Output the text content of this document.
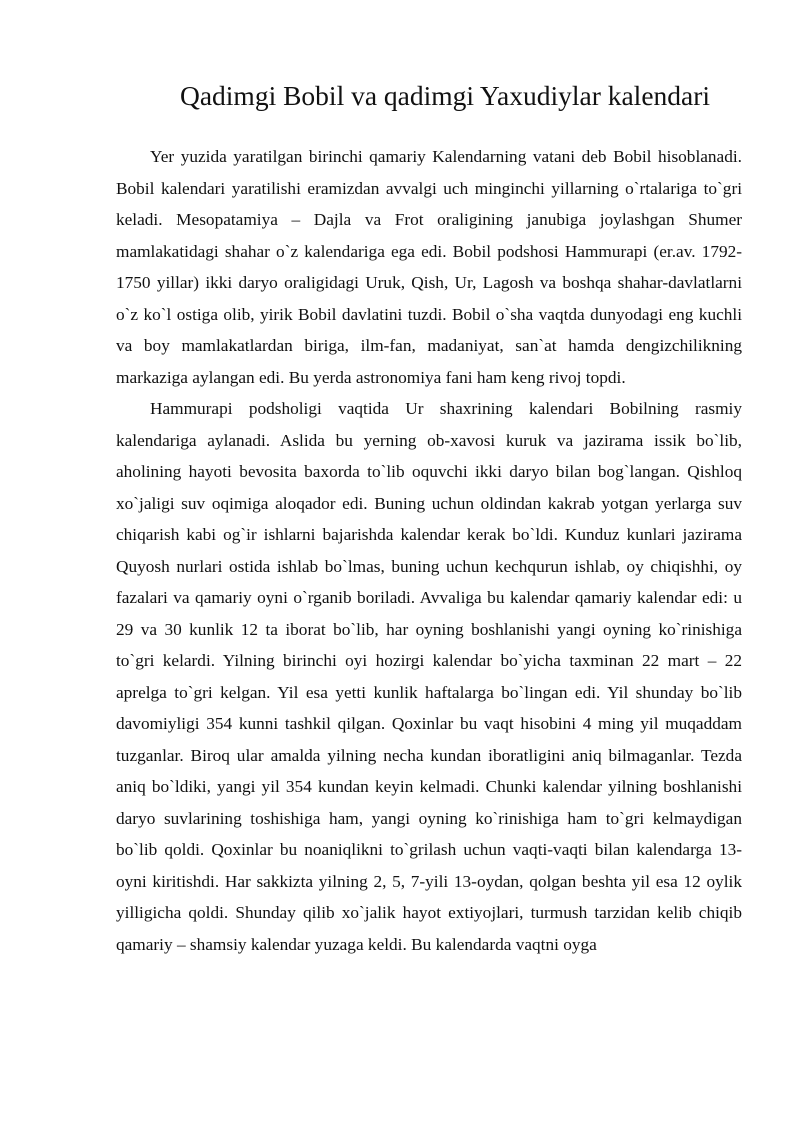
Qadimgi Bobil va qadimgi Yaxudiylar kalendari

Yer yuzida yaratilgan birinchi qamariy Kalendarning vatani deb Bobil hisoblanadi. Bobil kalendari yaratilishi eramizdan avvalgi uch minginchi yillarning o`rtalariga to`gri keladi. Mesopatamiya – Dajla va Frot oraligining janubiga joylashgan Shumer mamlakatidagi shahar o`z kalendariga ega edi. Bobil podshosi Hammurapi (er.av. 1792-1750 yillar) ikki daryo oraligidagi Uruk, Qish, Ur, Lagosh va boshqa shahar-davlatlarni o`z ko`l ostiga olib, yirik Bobil davlatini tuzdi. Bobil o`sha vaqtda dunyodagi eng kuchli va boy mamlakatlardan biriga, ilm-fan, madaniyat, san`at hamda dengizchilikning markaziga aylangan edi. Bu yerda astronomiya fani ham keng rivoj topdi.

Hammurapi podsholigi vaqtida Ur shaxrining kalendari Bobilning rasmiy kalendariga aylanadi. Aslida bu yerning ob-xavosi kuruk va jazirama issik bo`lib, aholining hayoti bevosita baxorda to`lib oquvchi ikki daryo bilan bog`langan. Qishloq xo`jaligi suv oqimiga aloqador edi. Buning uchun oldindan kakrab yotgan yerlarga suv chiqarish kabi og`ir ishlarni bajarishda kalendar kerak bo`ldi. Kunduz kunlari jazirama Quyosh nurlari ostida ishlab bo`lmas, buning uchun kechqurun ishlab, oy chiqishhi, oy fazalari va qamariy oyni o`rganib boriladi. Avvaliga bu kalendar qamariy kalendar edi: u 29 va 30 kunlik 12 ta iborat bo`lib, har oyning boshlanishi yangi oyning ko`rinishiga to`gri kelardi. Yilning birinchi oyi hozirgi kalendar bo`yicha taxminan 22 mart – 22 aprelga to`gri kelgan. Yil esa yetti kunlik haftalarga bo`lingan edi. Yil shunday bo`lib davomiyligi 354 kunni tashkil qilgan. Qoxinlar bu vaqt hisobini 4 ming yil muqaddam tuzganlar. Biroq ular amalda yilning necha kundan iboratligini aniq bilmaganlar. Tezda aniq bo`ldiki, yangi yil 354 kundan keyin kelmadi. Chunki kalendar yilning boshlanishi daryo suvlarining toshishiga ham, yangi oyning ko`rinishiga ham to`gri kelmaydigan bo`lib qoldi. Qoxinlar bu noaniqlikni to`grilash uchun vaqti-vaqti bilan kalendarga 13-oyni kiritishdi. Har sakkizta yilning 2, 5, 7-yili 13-oydan, qolgan beshta yil esa 12 oylik yilligicha qoldi. Shunday qilib xo`jalik hayot extiyojlari, turmush tarzidan kelib chiqib qamariy – shamsiy kalendar yuzaga keldi. Bu kalendarda vaqtni oyga
